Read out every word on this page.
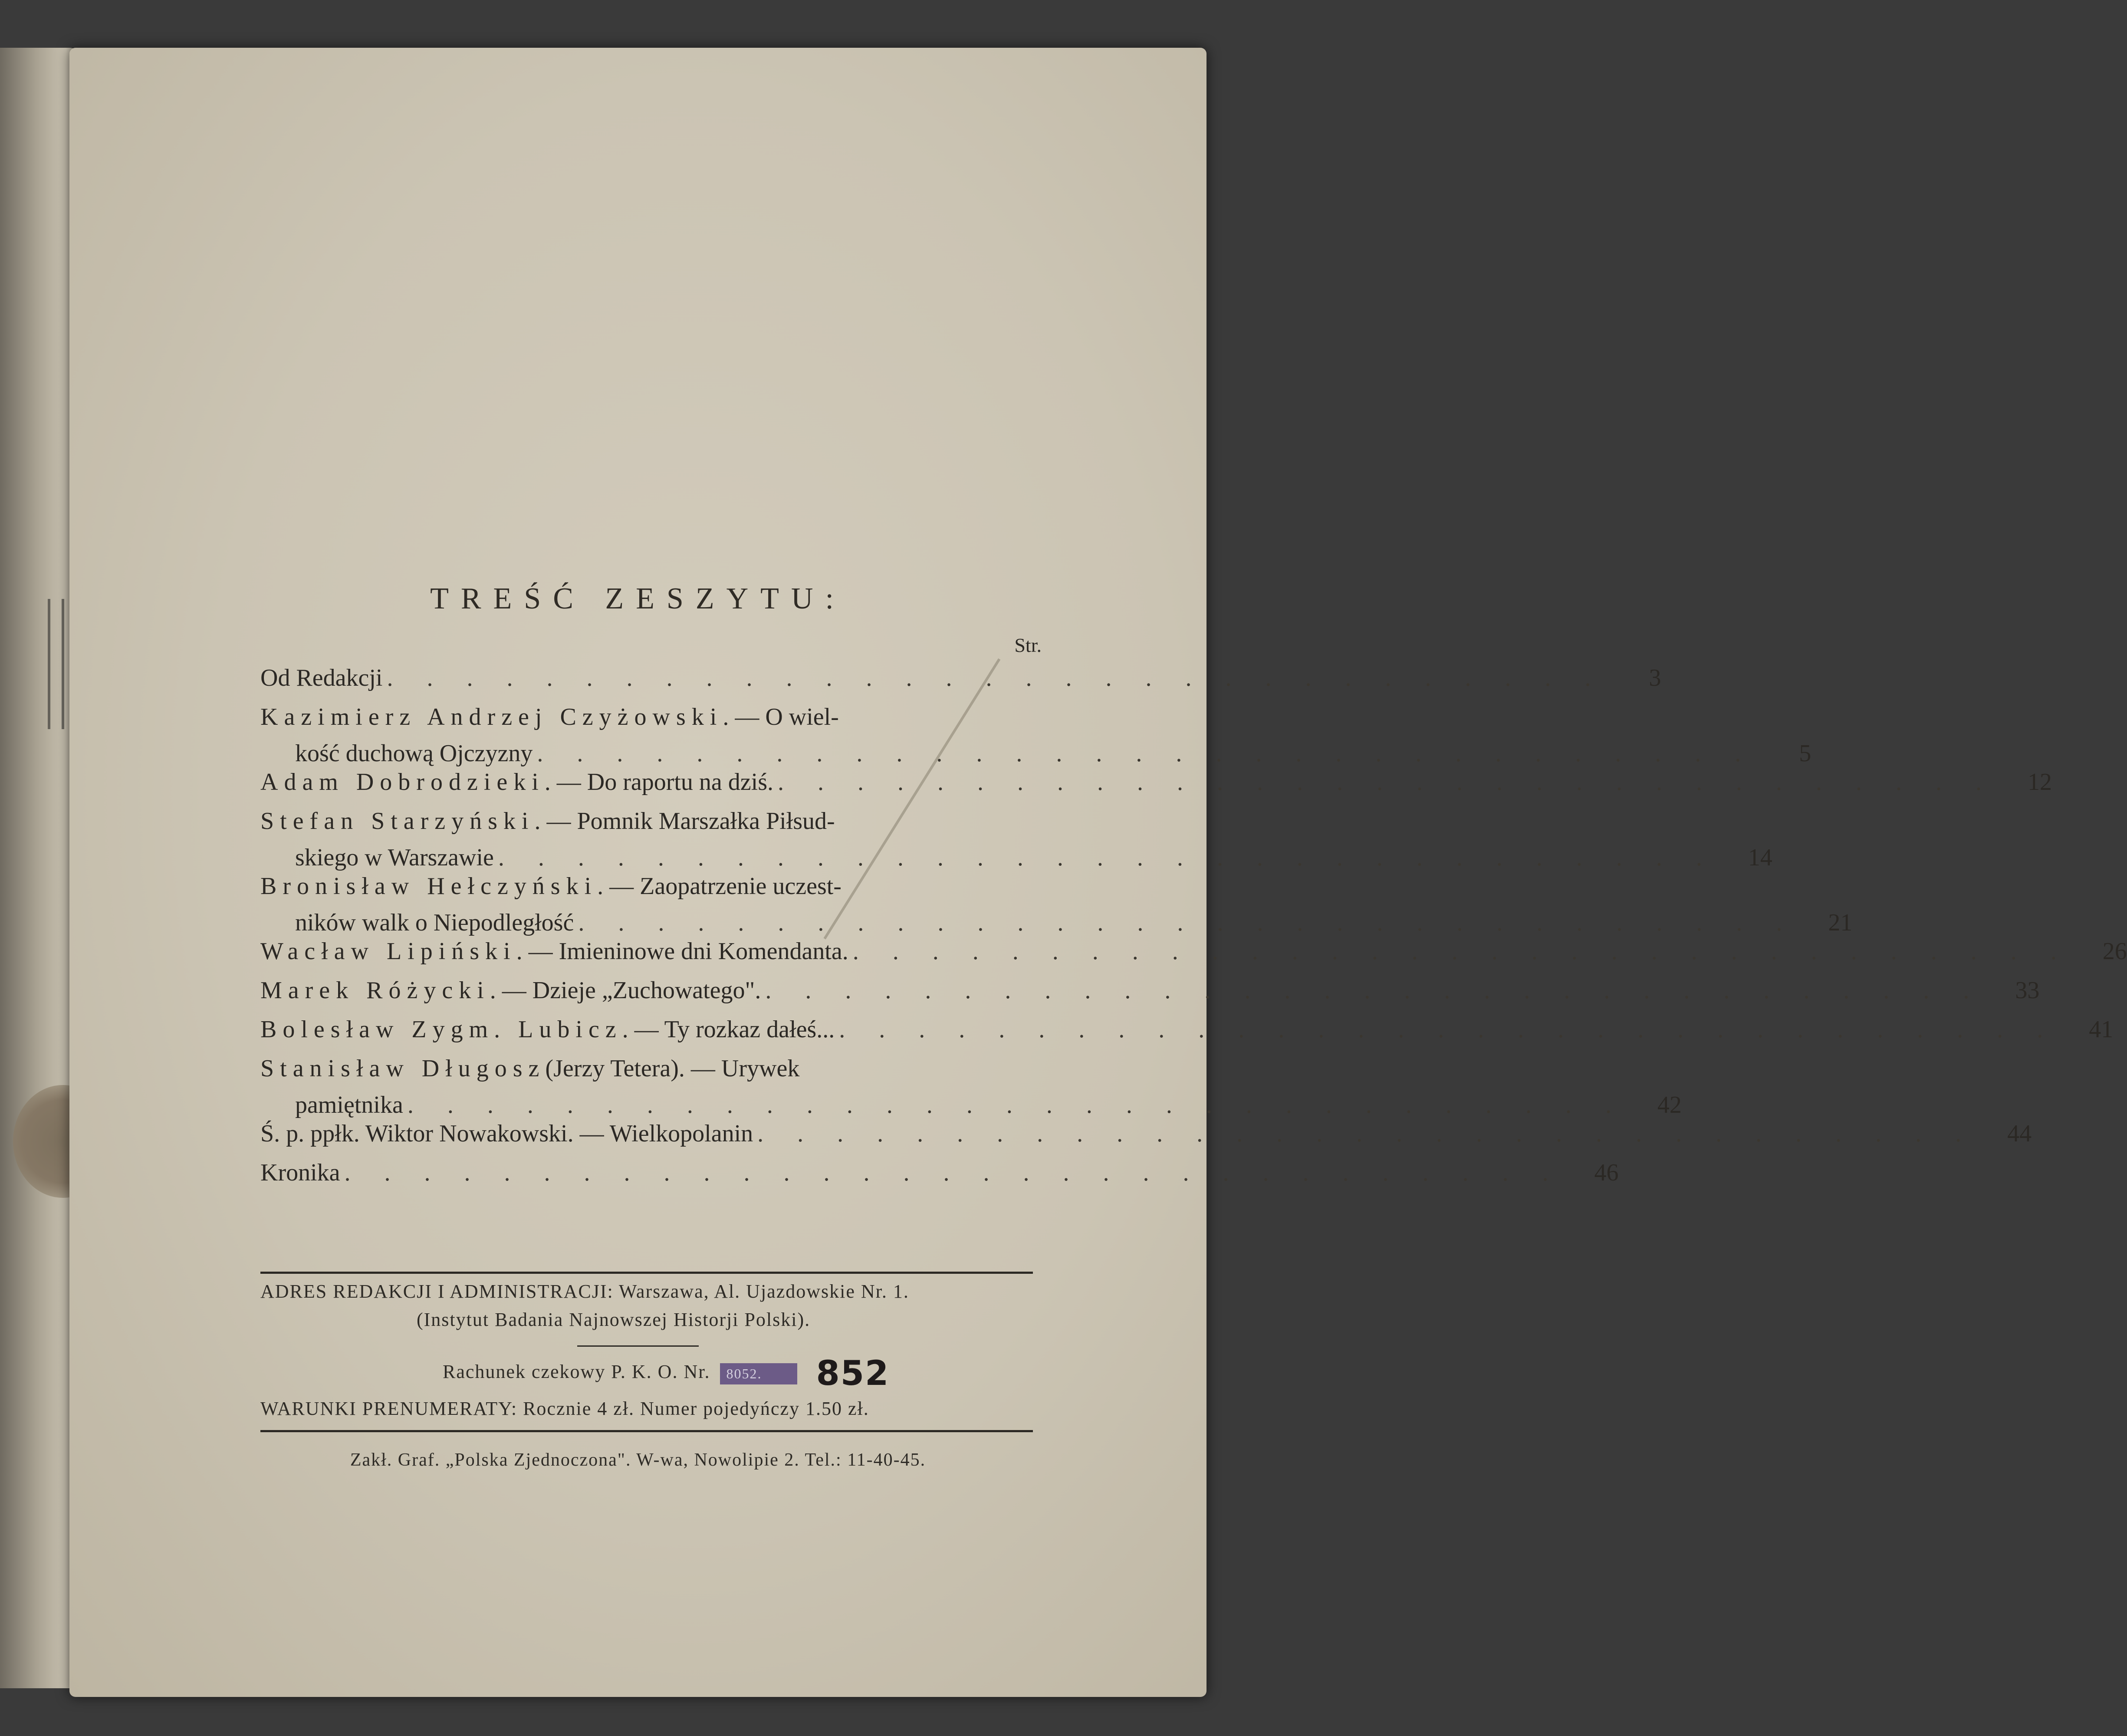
TREŚĆ ZESZYTU:
Str.
Od Redakcji . . . . . . . . . . . . . . . . . . . . . . . . . . . . . . .	3
Kazimierz Andrzej Czyżowski. — O wiel-
kość duchową Ojczyzny . . . . . . . . . . . . . . . . . . . . . . . . . . . . . . .	5
Adam Dobrodzieki. — Do raportu na dziś. . . . . . . . . . . . . . . . . . . . . . . . . . . . . . . .	12
Stefan Starzyński. — Pomnik Marszałka Piłsud-
skiego w Warszawie . . . . . . . . . . . . . . . . . . . . . . . . . . . . . . .	14
Bronisław Hełczyński. — Zaopatrzenie uczest-
ników walk o Niepodległość . . . . . . . . . . . . . . . . . . . . . . . . . . . . . . .	21
Wacław Lipiński. — Imieninowe dni Komendanta. . . . . . . . . . . . . . . . . . . . . . . . . . . . . . . .	26
Marek Różycki. — Dzieje „Zuchowatego". . . . . . . . . . . . . . . . . . . . . . . . . . . . . . . .	33
Bolesław Zygm. Lubicz. — Ty rozkaz dałeś... . . . . . . . . . . . . . . . . . . . . . . . . . . . . . . .	41
Stanisław Długosz (Jerzy Tetera). — Urywek
pamiętnika . . . . . . . . . . . . . . . . . . . . . . . . . . . . . . .	42
Ś. p. ppłk. Wiktor Nowakowski. — Wielkopolanin . . . . . . . . . . . . . . . . . . . . . . . . . . . . . . .	44
Kronika . . . . . . . . . . . . . . . . . . . . . . . . . . . . . . .	46
ADRES REDAKCJI I ADMINISTRACJI: Warszawa, Al. Ujazdowskie Nr. 1.
(Instytut Badania Najnowszej Historji Polski).
Rachunek czekowy P. K. O. Nr. 8052. 852
WARUNKI PRENUMERATY: Rocznie 4 zł. Numer pojedyńczy 1.50 zł.
Zakł. Graf. „Polska Zjednoczona". W-wa, Nowolipie 2. Tel.: 11-40-45.
